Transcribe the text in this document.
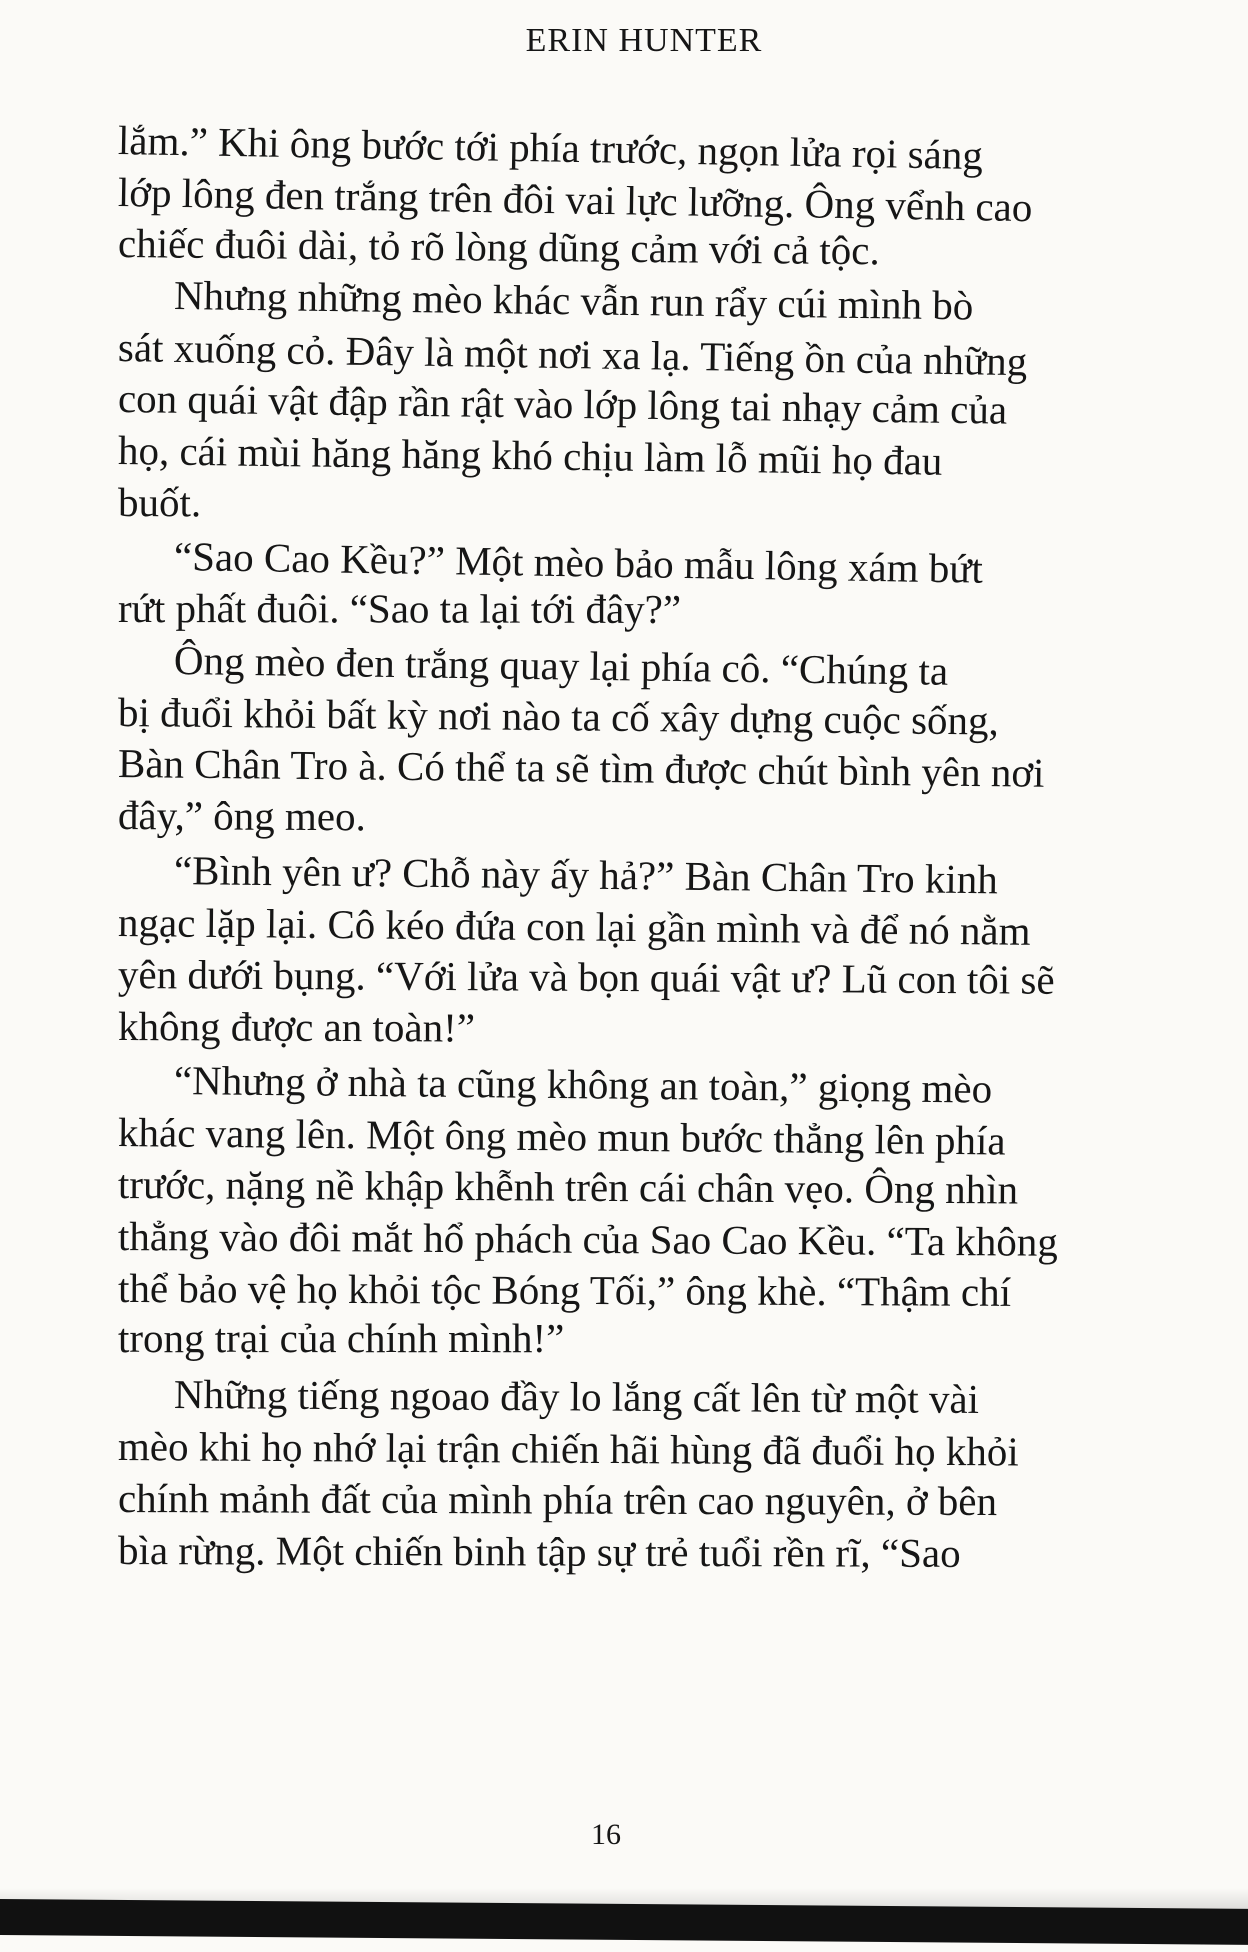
ERIN HUNTER
lắm.” Khi ông bước tới phía trước, ngọn lửa rọi sáng
lớp lông đen trắng trên đôi vai lực lưỡng. Ông vểnh cao
chiếc đuôi dài, tỏ rõ lòng dũng cảm với cả tộc.
Nhưng những mèo khác vẫn run rẩy cúi mình bò
sát xuống cỏ. Đây là một nơi xa lạ. Tiếng ồn của những
con quái vật đập rần rật vào lớp lông tai nhạy cảm của
họ, cái mùi hăng hăng khó chịu làm lỗ mũi họ đau
buốt.
“Sao Cao Kều?” Một mèo bảo mẫu lông xám bứt
rứt phất đuôi. “Sao ta lại tới đây?”
Ông mèo đen trắng quay lại phía cô. “Chúng ta
bị đuổi khỏi bất kỳ nơi nào ta cố xây dựng cuộc sống,
Bàn Chân Tro à. Có thể ta sẽ tìm được chút bình yên nơi
đây,” ông meo.
“Bình yên ư? Chỗ này ấy hả?” Bàn Chân Tro kinh
ngạc lặp lại. Cô kéo đứa con lại gần mình và để nó nằm
yên dưới bụng. “Với lửa và bọn quái vật ư? Lũ con tôi sẽ
không được an toàn!”
“Nhưng ở nhà ta cũng không an toàn,” giọng mèo
khác vang lên. Một ông mèo mun bước thẳng lên phía
trước, nặng nề khập khễnh trên cái chân vẹo. Ông nhìn
thẳng vào đôi mắt hổ phách của Sao Cao Kều. “Ta không
thể bảo vệ họ khỏi tộc Bóng Tối,” ông khè. “Thậm chí
trong trại của chính mình!”
Những tiếng ngoao đầy lo lắng cất lên từ một vài
mèo khi họ nhớ lại trận chiến hãi hùng đã đuổi họ khỏi
chính mảnh đất của mình phía trên cao nguyên, ở bên
bìa rừng. Một chiến binh tập sự trẻ tuổi rền rĩ, “Sao
16
